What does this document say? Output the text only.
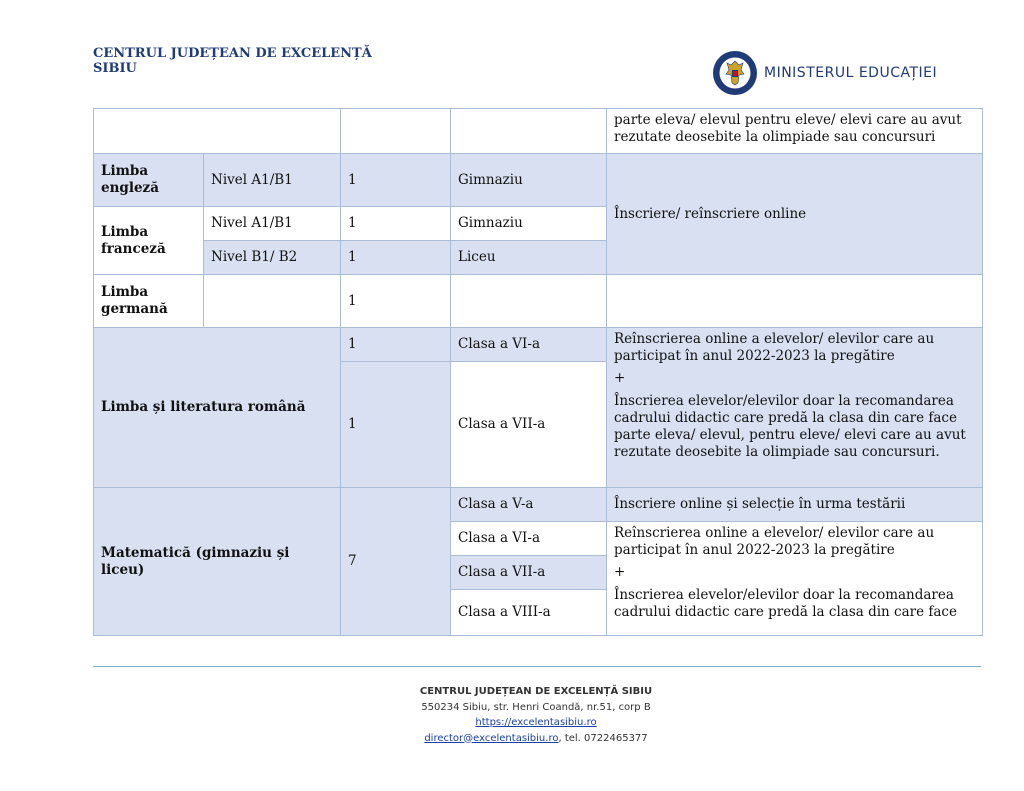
CENTRUL JUDEȚEAN DE EXCELENȚĂ
SIBIU	MINISTERUL EDUCAȚIEI
				parte eleva/ elevul pentru eleve/ elevi care au avut rezutate deosebite la olimpiade sau concursuri
Limba engleză	Nivel A1/B1	1	Gimnaziu	Înscriere/ reînscriere online
Limba franceză	Nivel A1/B1	1	Gimnaziu	
	Nivel B1/ B2	1	Liceu	
Limba germană		1		
Limba și literatura română		1	Clasa a VI-a	Reînscrierea online a elevelor/ elevilor care au participat în anul 2022-2023 la pregătire
+
Înscrierea elevelor/elevilor doar la recomandarea cadrului didactic care predă la clasa din care face parte eleva/ elevul, pentru eleve/ elevi care au avut rezutate deosebite la olimpiade sau concursuri.
		1	Clasa a VII-a	
Matematică (gimnaziu și liceu)		7	Clasa a V-a	Înscriere online și selecție în urma testării
			Clasa a VI-a	Reînscrierea online a elevelor/ elevilor care au participat în anul 2022-2023 la pregătire
+
Înscrierea elevelor/elevilor doar la recomandarea cadrului didactic care predă la clasa din care face
			Clasa a VII-a	
			Clasa a VIII-a	
CENTRUL JUDEȚEAN DE EXCELENȚĂ SIBIU
550234 Sibiu, str. Henri Coandă, nr.51, corp B
https://excelentasibiu.ro
director@excelentasibiu.ro, tel. 0722465377
